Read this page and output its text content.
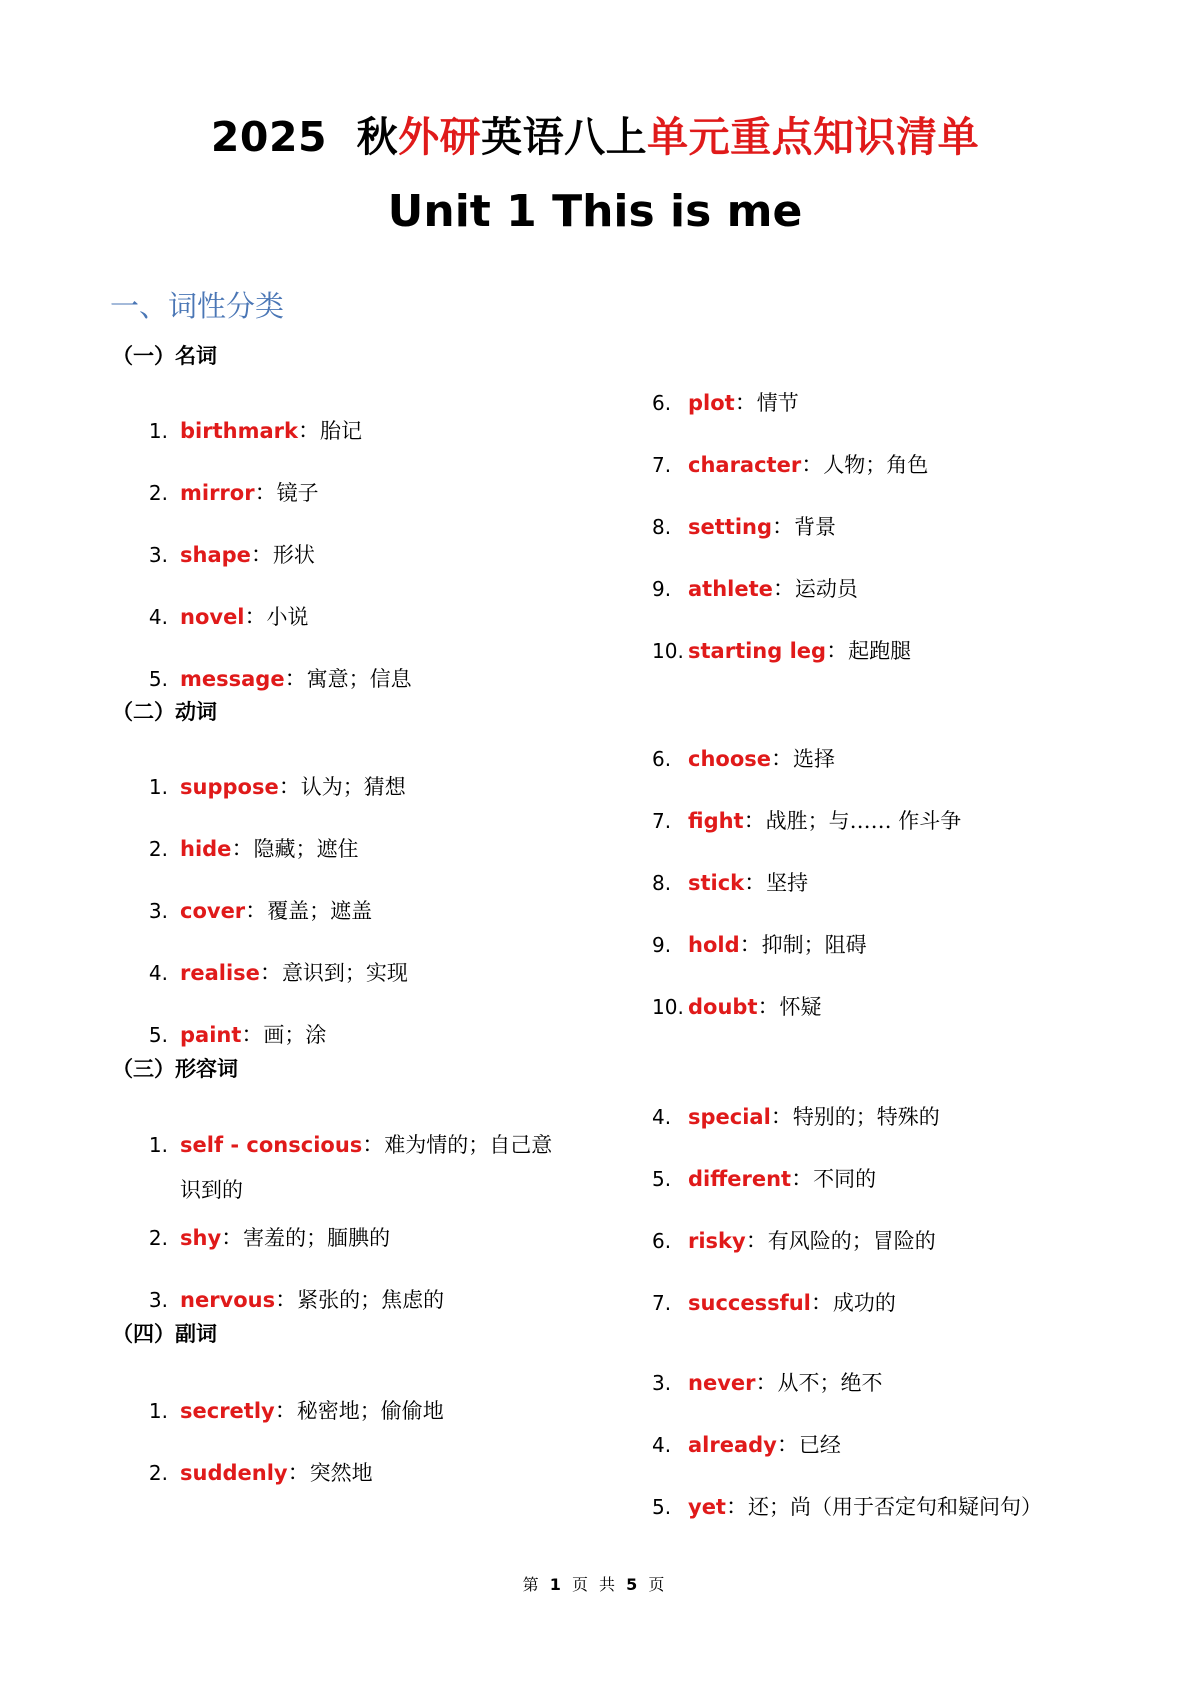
2025 秋外研英语八上单元重点知识清单
Unit 1 This is me
一、词性分类
（一）名词
1. birthmark：胎记
2. mirror：镜子
3. shape：形状
4. novel：小说
5. message：寓意；信息
6. plot：情节
7. character：人物；角色
8. setting：背景
9. athlete：运动员
10. starting leg：起跑腿
（二）动词
1. suppose：认为；猜想
2. hide：隐藏；遮住
3. cover：覆盖；遮盖
4. realise：意识到；实现
5. paint：画；涂
6. choose：选择
7. fight：战胜；与…… 作斗争
8. stick：坚持
9. hold：抑制；阻碍
10. doubt：怀疑
（三）形容词
1. self - conscious：难为情的；自己意
识到的
2. shy：害羞的；腼腆的
3. nervous：紧张的；焦虑的
4. special：特别的；特殊的
5. different：不同的
6. risky：有风险的；冒险的
7. successful：成功的
（四）副词
1. secretly：秘密地；偷偷地
2. suddenly：突然地
3. never：从不；绝不
4. already：已经
5. yet：还；尚（用于否定句和疑问句）
第 1 页 共 5 页
